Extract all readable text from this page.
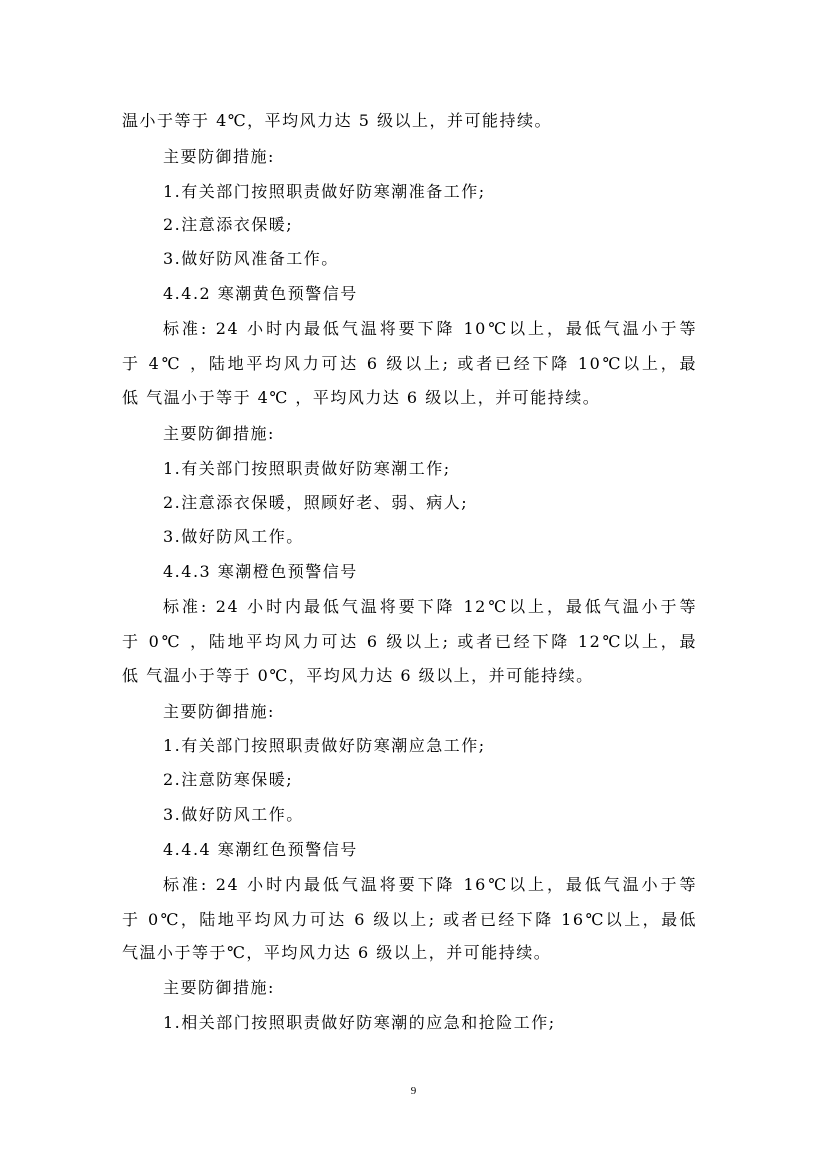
温小于等于 4℃，平均风力达 5 级以上，并可能持续。
主要防御措施:
1.有关部门按照职责做好防寒潮准备工作;
2.注意添衣保暖;
3.做好防风准备工作。
4.4.2 寒潮黄色预警信号
标准: 24 小时内最低气温将要下降 10℃以上，最低气温小于等
于 4℃ ，陆地平均风力可达 6 级以上; 或者已经下降 10℃以上，最
低 气温小于等于 4℃ ，平均风力达 6 级以上，并可能持续。
主要防御措施:
1.有关部门按照职责做好防寒潮工作;
2.注意添衣保暖，照顾好老、弱、病人;
3.做好防风工作。
4.4.3 寒潮橙色预警信号
标准: 24 小时内最低气温将要下降 12℃以上，最低气温小于等
于 0℃ ，陆地平均风力可达 6 级以上; 或者已经下降 12℃以上，最
低 气温小于等于 0℃，平均风力达 6 级以上，并可能持续。
主要防御措施:
1.有关部门按照职责做好防寒潮应急工作;
2.注意防寒保暖;
3.做好防风工作。
4.4.4 寒潮红色预警信号
标准: 24 小时内最低气温将要下降 16℃以上，最低气温小于等
于 0℃，陆地平均风力可达 6 级以上; 或者已经下降 16℃以上，最低
气温小于等于℃，平均风力达 6 级以上，并可能持续。
主要防御措施:
1.相关部门按照职责做好防寒潮的应急和抢险工作;
9
